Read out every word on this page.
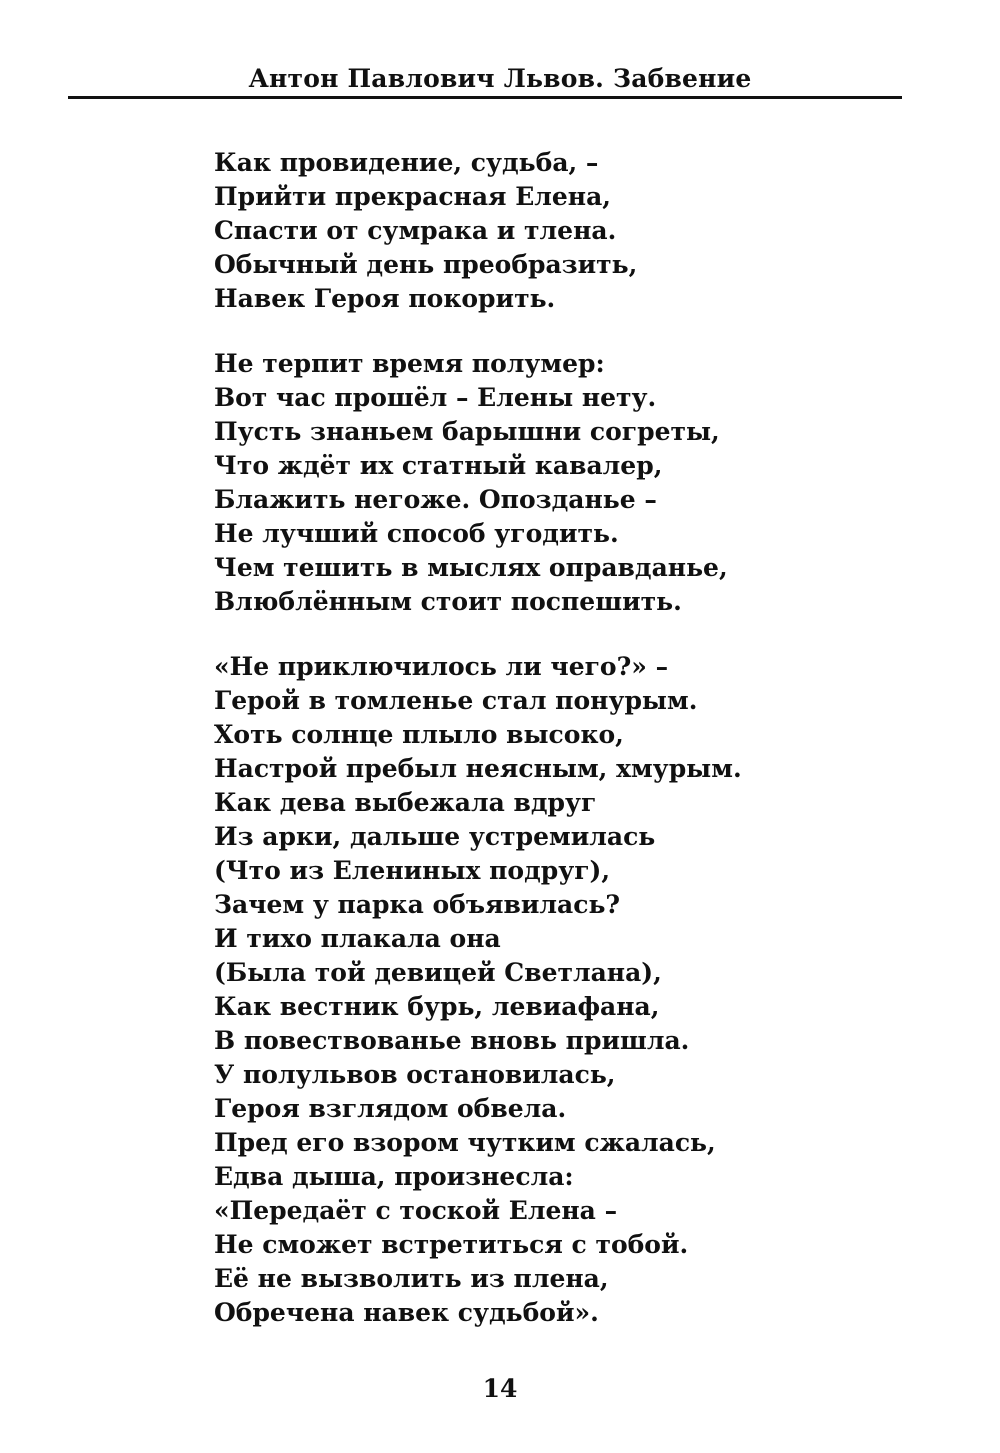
Антон Павлович Львов. Забвение
Как провидение, судьба, –
Прийти прекрасная Елена,
Спасти от сумрака и тлена.
Обычный день преобразить,
Навек Героя покорить.
Не терпит время полумер:
Вот час прошёл – Елены нету.
Пусть знаньем барышни согреты,
Что ждёт их статный кавалер,
Блажить негоже. Опозданье –
Не лучший способ угодить.
Чем тешить в мыслях оправданье,
Влюблённым стоит поспешить.
«Не приключилось ли чего?» –
Герой в томленье стал понурым.
Хоть солнце плыло высоко,
Настрой пребыл неясным, хмурым.
Как дева выбежала вдруг
Из арки, дальше устремилась
(Что из Елениных подруг),
Зачем у парка объявилась?
И тихо плакала она
(Была той девицей Светлана),
Как вестник бурь, левиафана,
В повествованье вновь пришла.
У полульвов остановилась,
Героя взглядом обвела.
Пред его взором чутким сжалась,
Едва дыша, произнесла:
«Передаёт с тоской Елена –
Не сможет встретиться с тобой.
Её не вызволить из плена,
Обречена навек судьбой».
14
